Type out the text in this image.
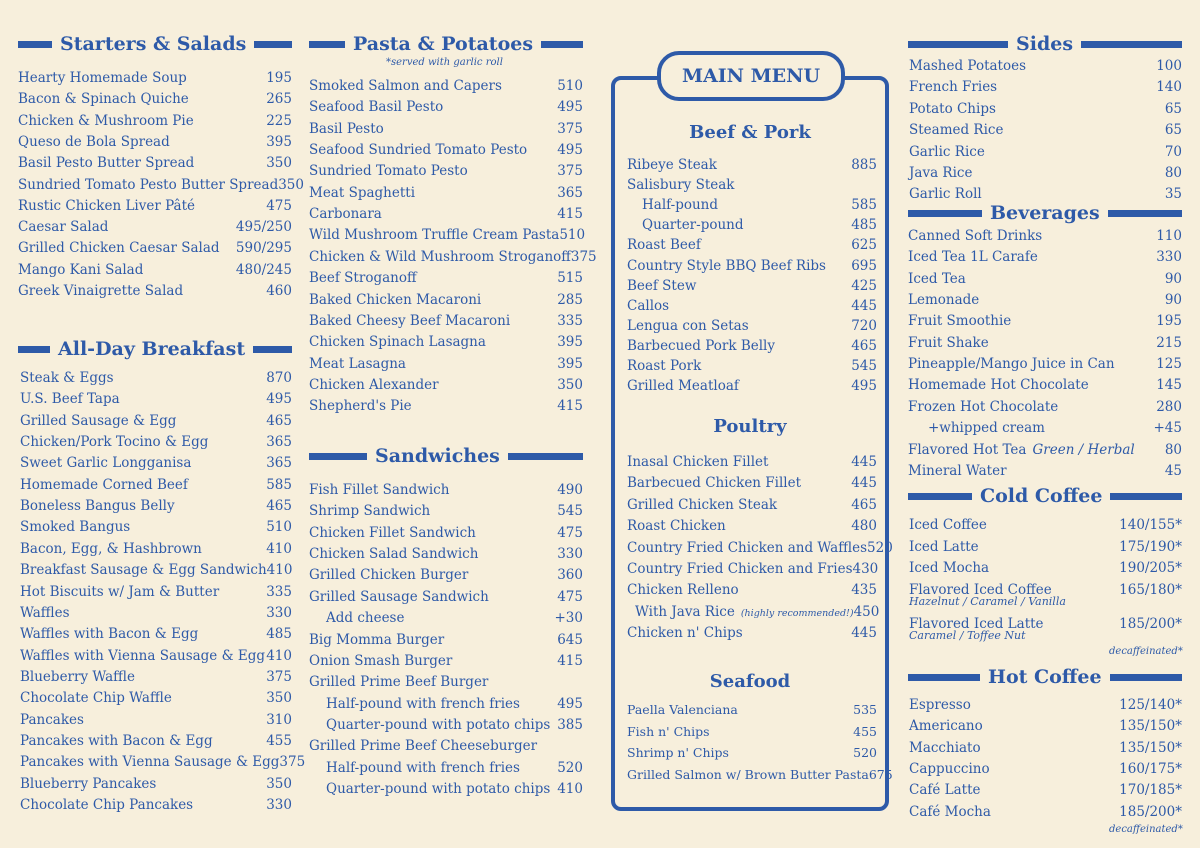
Starters & Salads
Hearty Homemade Soup	195
Bacon & Spinach Quiche	265
Chicken & Mushroom Pie	225
Queso de Bola Spread	395
Basil Pesto Butter Spread	350
Sundried Tomato Pesto Butter Spread 350
Rustic Chicken Liver Pâté	475
Caesar Salad	495/250
Grilled Chicken Caesar Salad 590/295
Mango Kani Salad	480/245
Greek Vinaigrette Salad	460
All-Day Breakfast
Steak & Eggs	870
U.S. Beef Tapa	495
Grilled Sausage & Egg	465
Chicken/Pork Tocino & Egg	365
Sweet Garlic Longganisa	365
Homemade Corned Beef	585
Boneless Bangus Belly	465
Smoked Bangus	510
Bacon, Egg, & Hashbrown	410
Breakfast Sausage & Egg Sandwich 410
Hot Biscuits w/ Jam & Butter	335
Waffles	330
Waffles with Bacon & Egg	485
Waffles with Vienna Sausage & Egg 410
Blueberry Waffle	375
Chocolate Chip Waffle	350
Pancakes	310
Pancakes with Bacon & Egg	455
Pancakes with Vienna Sausage & Egg 375
Blueberry Pancakes	350
Chocolate Chip Pancakes	330
Pasta & Potatoes
*served with garlic roll
Smoked Salmon and Capers	510
Seafood Basil Pesto	495
Basil Pesto	375
Seafood Sundried Tomato Pesto 495
Sundried Tomato Pesto	375
Meat Spaghetti	365
Carbonara	415
Wild Mushroom Truffle Cream Pasta 510
Chicken & Wild Mushroom Stroganoff 375
Beef Stroganoff	515
Baked Chicken Macaroni	285
Baked Cheesy Beef Macaroni	335
Chicken Spinach Lasagna	395
Meat Lasagna	395
Chicken Alexander	350
Shepherd's Pie	415
Sandwiches
Fish Fillet Sandwich	490
Shrimp Sandwich	545
Chicken Fillet Sandwich	475
Chicken Salad Sandwich	330
Grilled Chicken Burger	360
Grilled Sausage Sandwich	475
Add cheese	+30
Big Momma Burger	645
Onion Smash Burger	415
Grilled Prime Beef Burger
Half-pound with french fries	495
Quarter-pound with potato chips 385
Grilled Prime Beef Cheeseburger
Half-pound with french fries	520
Quarter-pound with potato chips 410
MAIN MENU
Beef & Pork
Ribeye Steak	885
Salisbury Steak
Half-pound	585
Quarter-pound	485
Roast Beef	625
Country Style BBQ Beef Ribs 695
Beef Stew	425
Callos	445
Lengua con Setas	720
Barbecued Pork Belly	465
Roast Pork	545
Grilled Meatloaf	495
Poultry
Inasal Chicken Fillet	445
Barbecued Chicken Fillet	445
Grilled Chicken Steak	465
Roast Chicken	480
Country Fried Chicken and Waffles 520
Country Fried Chicken and Fries 430
Chicken Relleno	435
With Java Rice (highly recommended!) 450
Chicken n' Chips	445
Seafood
Paella Valenciana	535
Fish n' Chips	455
Shrimp n' Chips	520
Grilled Salmon w/ Brown Butter Pasta 675
Sides
Mashed Potatoes	100
French Fries	140
Potato Chips	65
Steamed Rice	65
Garlic Rice	70
Java Rice	80
Garlic Roll	35
Beverages
Canned Soft Drinks	110
Iced Tea 1L Carafe	330
Iced Tea	90
Lemonade	90
Fruit Smoothie	195
Fruit Shake	215
Pineapple/Mango Juice in Can	125
Homemade Hot Chocolate	145
Frozen Hot Chocolate	280
+whipped cream	+45
Flavored Hot Tea Green / Herbal 80
Mineral Water	45
Cold Coffee
Iced Coffee	140/155*
Iced Latte	175/190*
Iced Mocha	190/205*
Flavored Iced Coffee	165/180*
Hazelnut / Caramel / Vanilla
Flavored Iced Latte	185/200*
Caramel / Toffee Nut
decaffeinated*
Hot Coffee
Espresso	125/140*
Americano	135/150*
Macchiato	135/150*
Cappuccino	160/175*
Café Latte	170/185*
Café Mocha	185/200*
decaffeinated*
